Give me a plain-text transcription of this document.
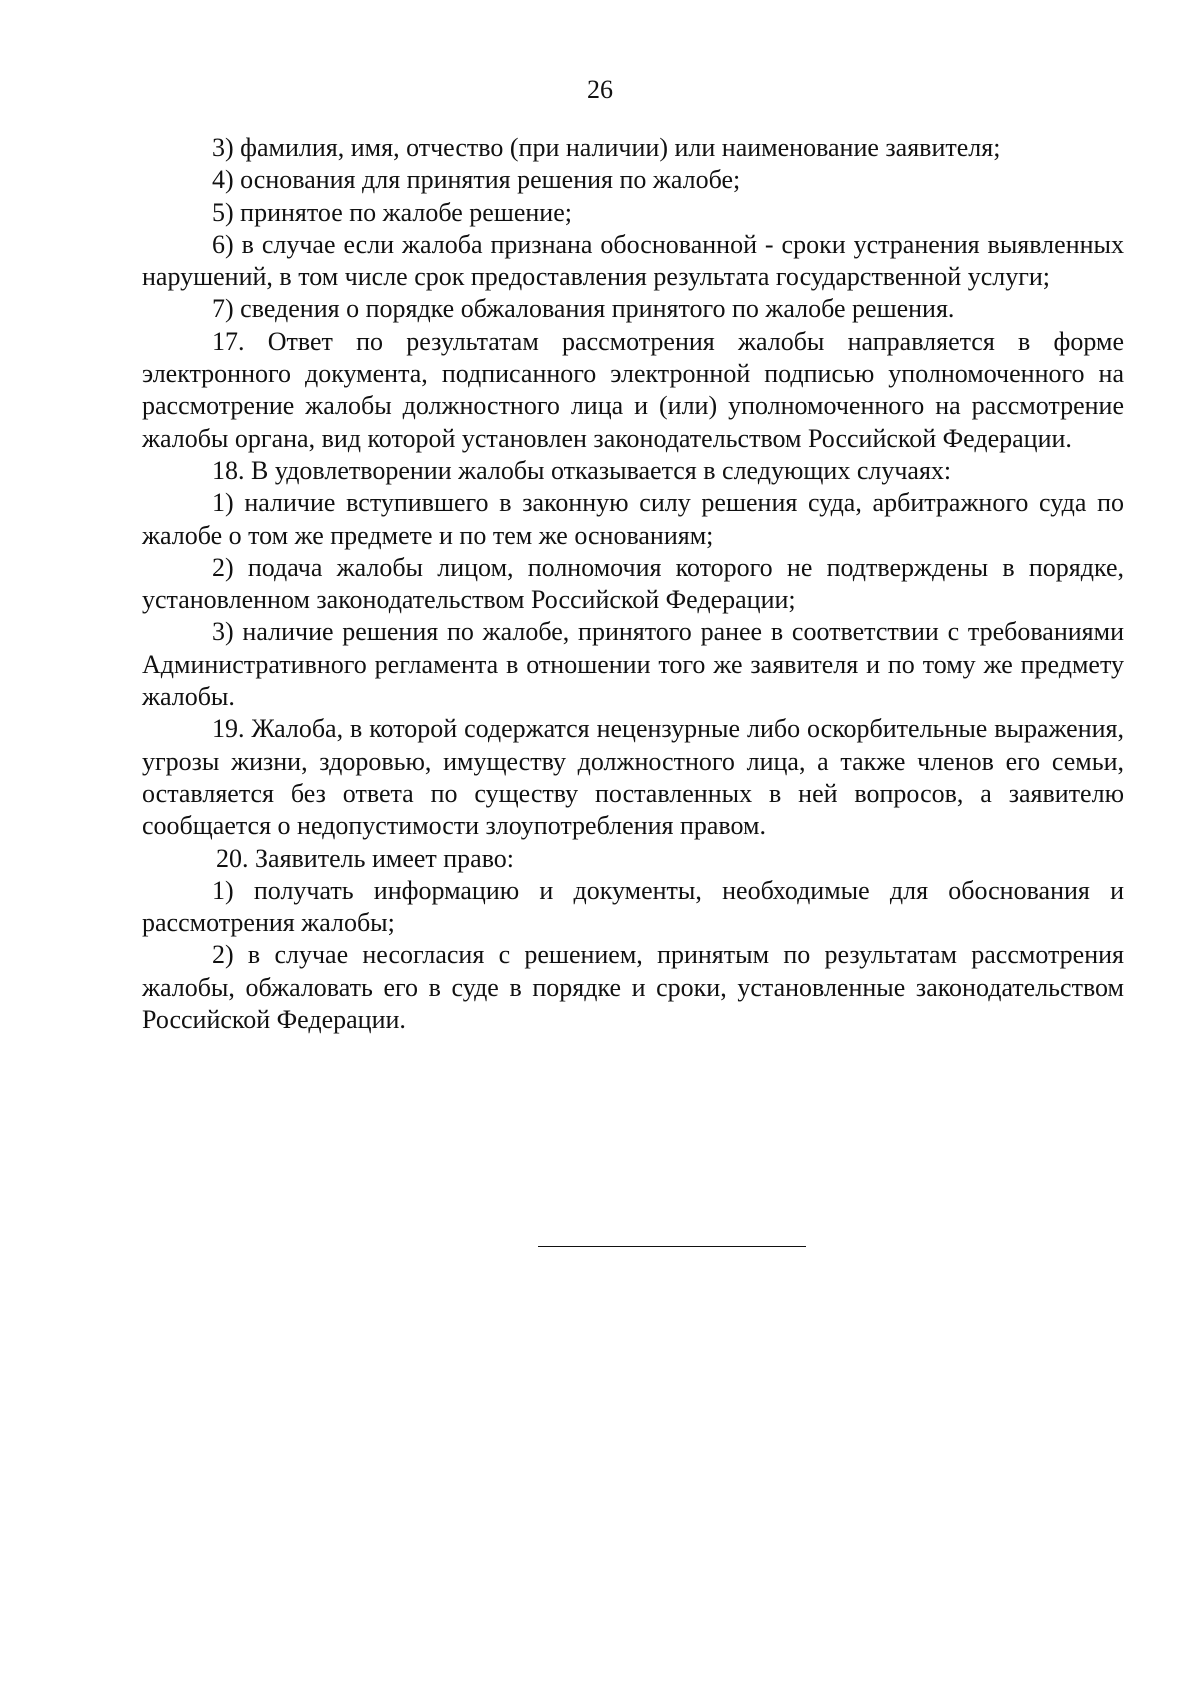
26

3) фамилия, имя, отчество (при наличии) или наименование заявителя;

4) основания для принятия решения по жалобе;

5) принятое по жалобе решение;

6) в случае если жалоба признана обоснованной - сроки устранения выявленных нарушений, в том числе срок предоставления результата государственной услуги;

7) сведения о порядке обжалования принятого по жалобе решения.

17. Ответ по результатам рассмотрения жалобы направляется в форме электронного документа, подписанного электронной подписью уполномоченного на рассмотрение жалобы должностного лица и (или) уполномоченного на рассмотрение жалобы органа, вид которой установлен законодательством Российской Федерации.

18. В удовлетворении жалобы отказывается в следующих случаях:

1) наличие вступившего в законную силу решения суда, арбитражного суда по жалобе о том же предмете и по тем же основаниям;

2) подача жалобы лицом, полномочия которого не подтверждены в порядке, установленном законодательством Российской Федерации;

3) наличие решения по жалобе, принятого ранее в соответствии с требованиями Административного регламента в отношении того же заявителя и по тому же предмету жалобы.

19. Жалоба, в которой содержатся нецензурные либо оскорбительные выражения, угрозы жизни, здоровью, имуществу должностного лица, а также членов его семьи, оставляется без ответа по существу поставленных в ней вопросов, а заявителю сообщается о недопустимости злоупотребления правом.

20. Заявитель имеет право:

1) получать информацию и документы, необходимые для обоснования и рассмотрения жалобы;

2) в случае несогласия с решением, принятым по результатам рассмотрения жалобы, обжаловать его в суде в порядке и сроки, установленные законодательством Российской Федерации.
